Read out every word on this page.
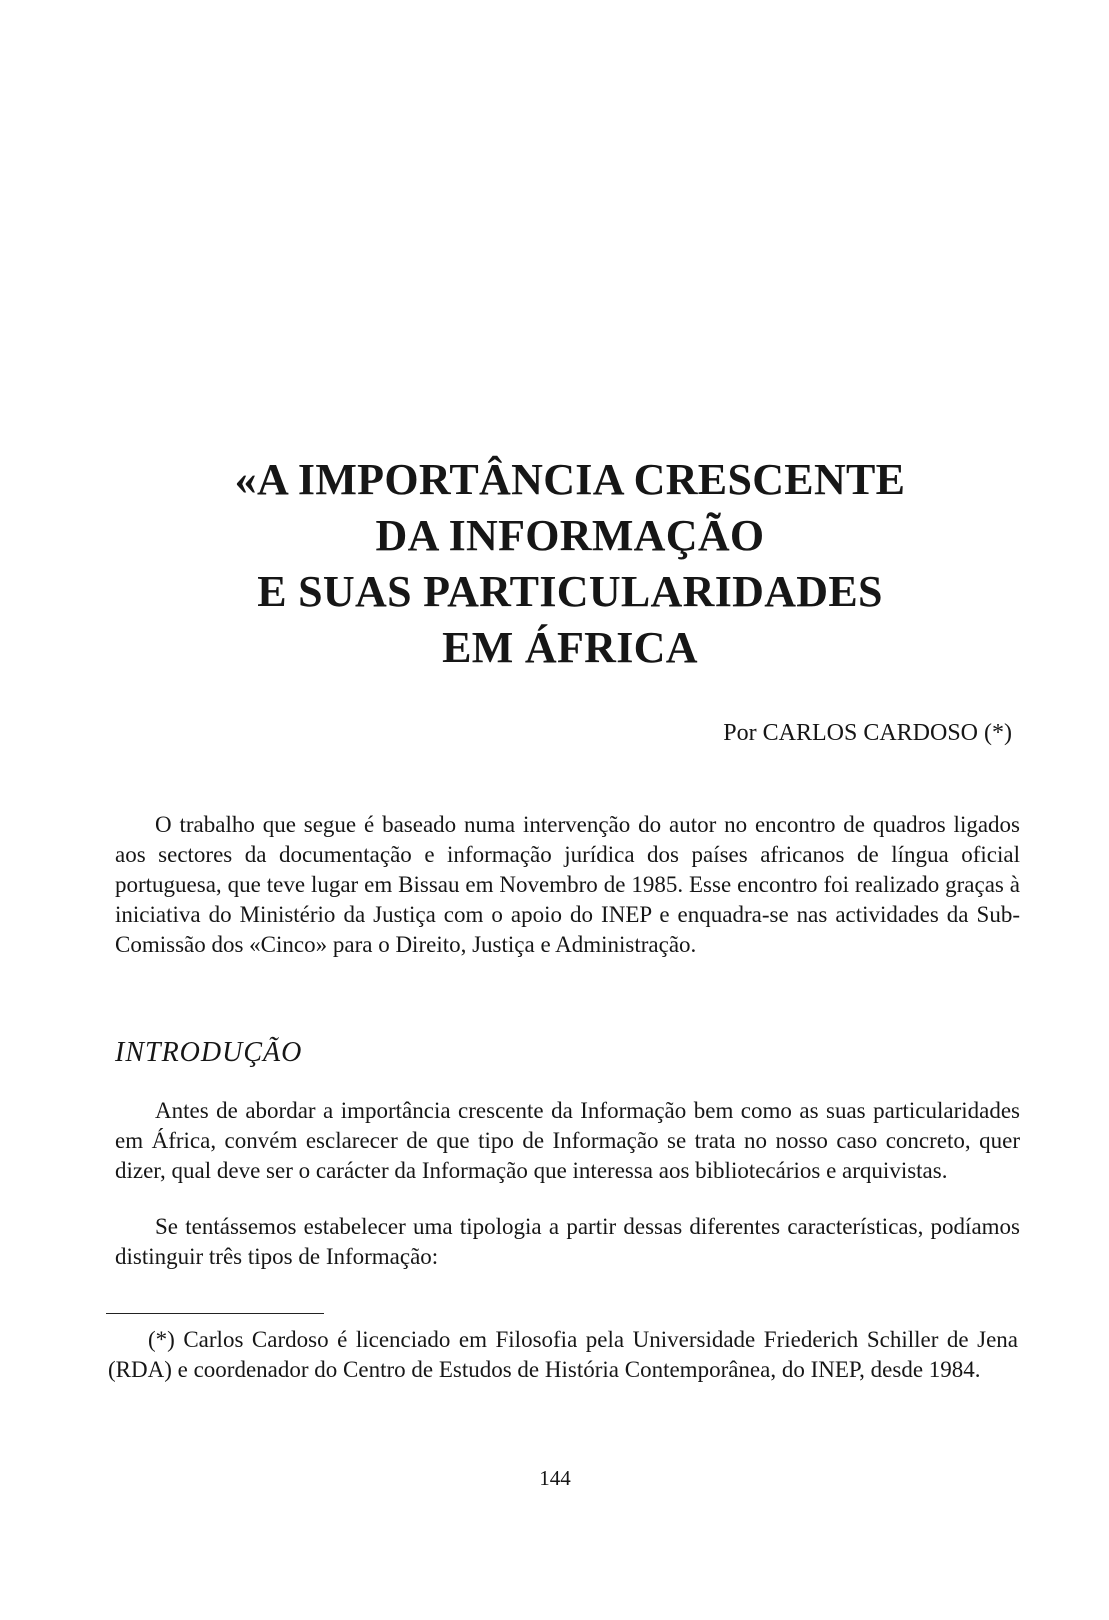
«A IMPORTÂNCIA CRESCENTE
DA INFORMAÇÃO
E SUAS PARTICULARIDADES
EM ÁFRICA
Por CARLOS CARDOSO (*)

O trabalho que segue é baseado numa intervenção do autor no encontro de quadros ligados aos sectores da documentação e informação jurídica dos países africanos de língua oficial portuguesa, que teve lugar em Bissau em Novembro de 1985. Esse encontro foi realizado graças à iniciativa do Ministério da Justiça com o apoio do INEP e enquadra-se nas actividades da Sub-Comissão dos «Cinco» para o Direito, Justiça e Administração.

INTRODUÇÃO

Antes de abordar a importância crescente da Informação bem como as suas particularidades em África, convém esclarecer de que tipo de Informação se trata no nosso caso concreto, quer dizer, qual deve ser o carácter da Informação que interessa aos bibliotecários e arquivistas.

Se tentássemos estabelecer uma tipologia a partir dessas diferentes características, podíamos distinguir três tipos de Informação:

(*) Carlos Cardoso é licenciado em Filosofia pela Universidade Friederich Schiller de Jena (RDA) e coordenador do Centro de Estudos de História Contemporânea, do INEP, desde 1984.

144
